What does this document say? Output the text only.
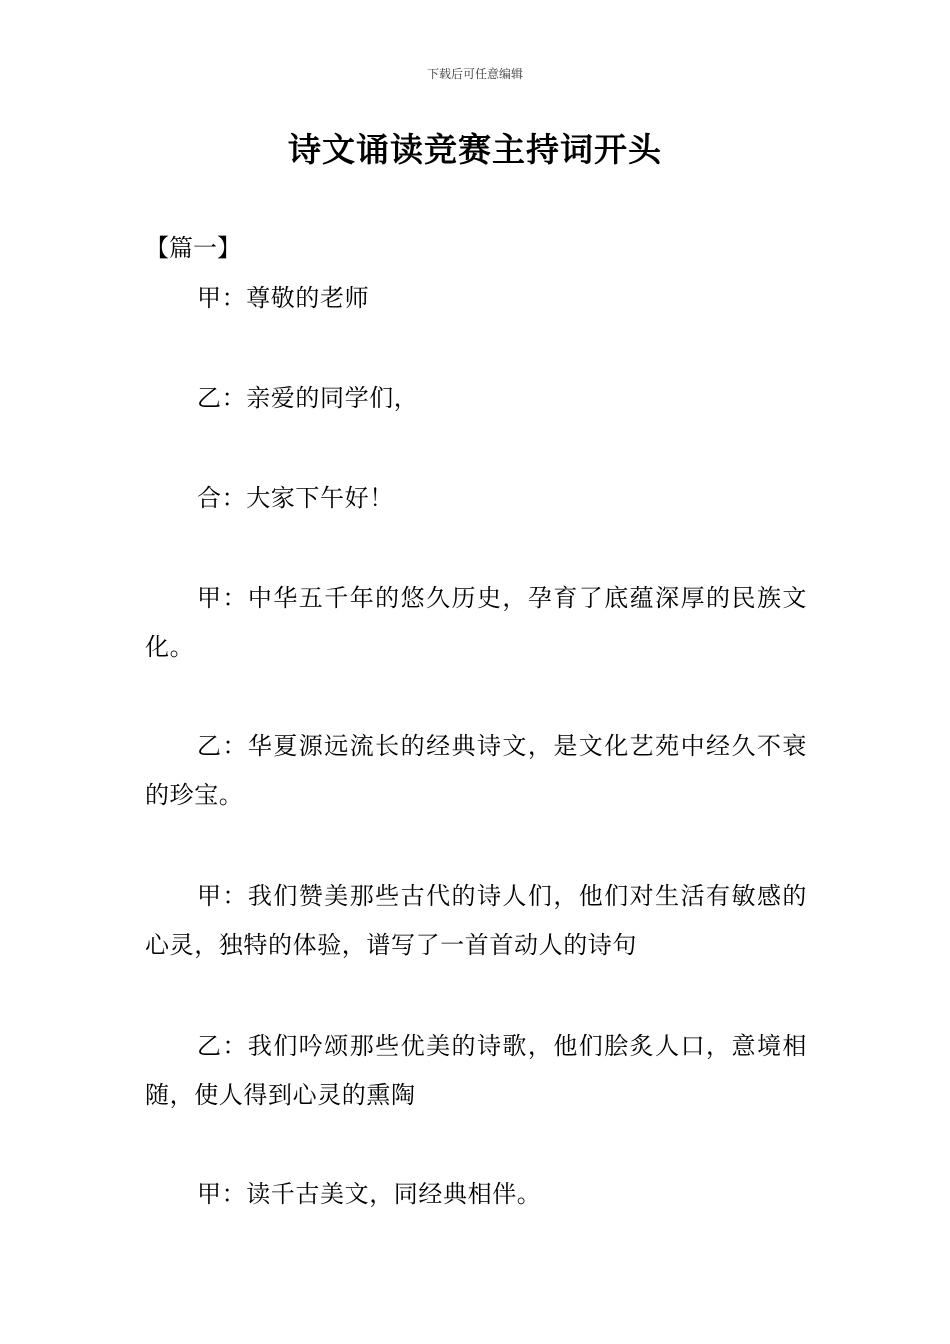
下载后可任意编辑
诗文诵读竞赛主持词开头
【篇一】

甲：尊敬的老师

乙：亲爱的同学们，

合：大家下午好！

甲：中华五千年的悠久历史，孕育了底蕴深厚的民族文化。

乙：华夏源远流长的经典诗文，是文化艺苑中经久不衰的珍宝。

甲：我们赞美那些古代的诗人们，他们对生活有敏感的心灵，独特的体验，谱写了一首首动人的诗句

乙：我们吟颂那些优美的诗歌，他们脍炙人口，意境相随，使人得到心灵的熏陶

甲：读千古美文，同经典相伴。
